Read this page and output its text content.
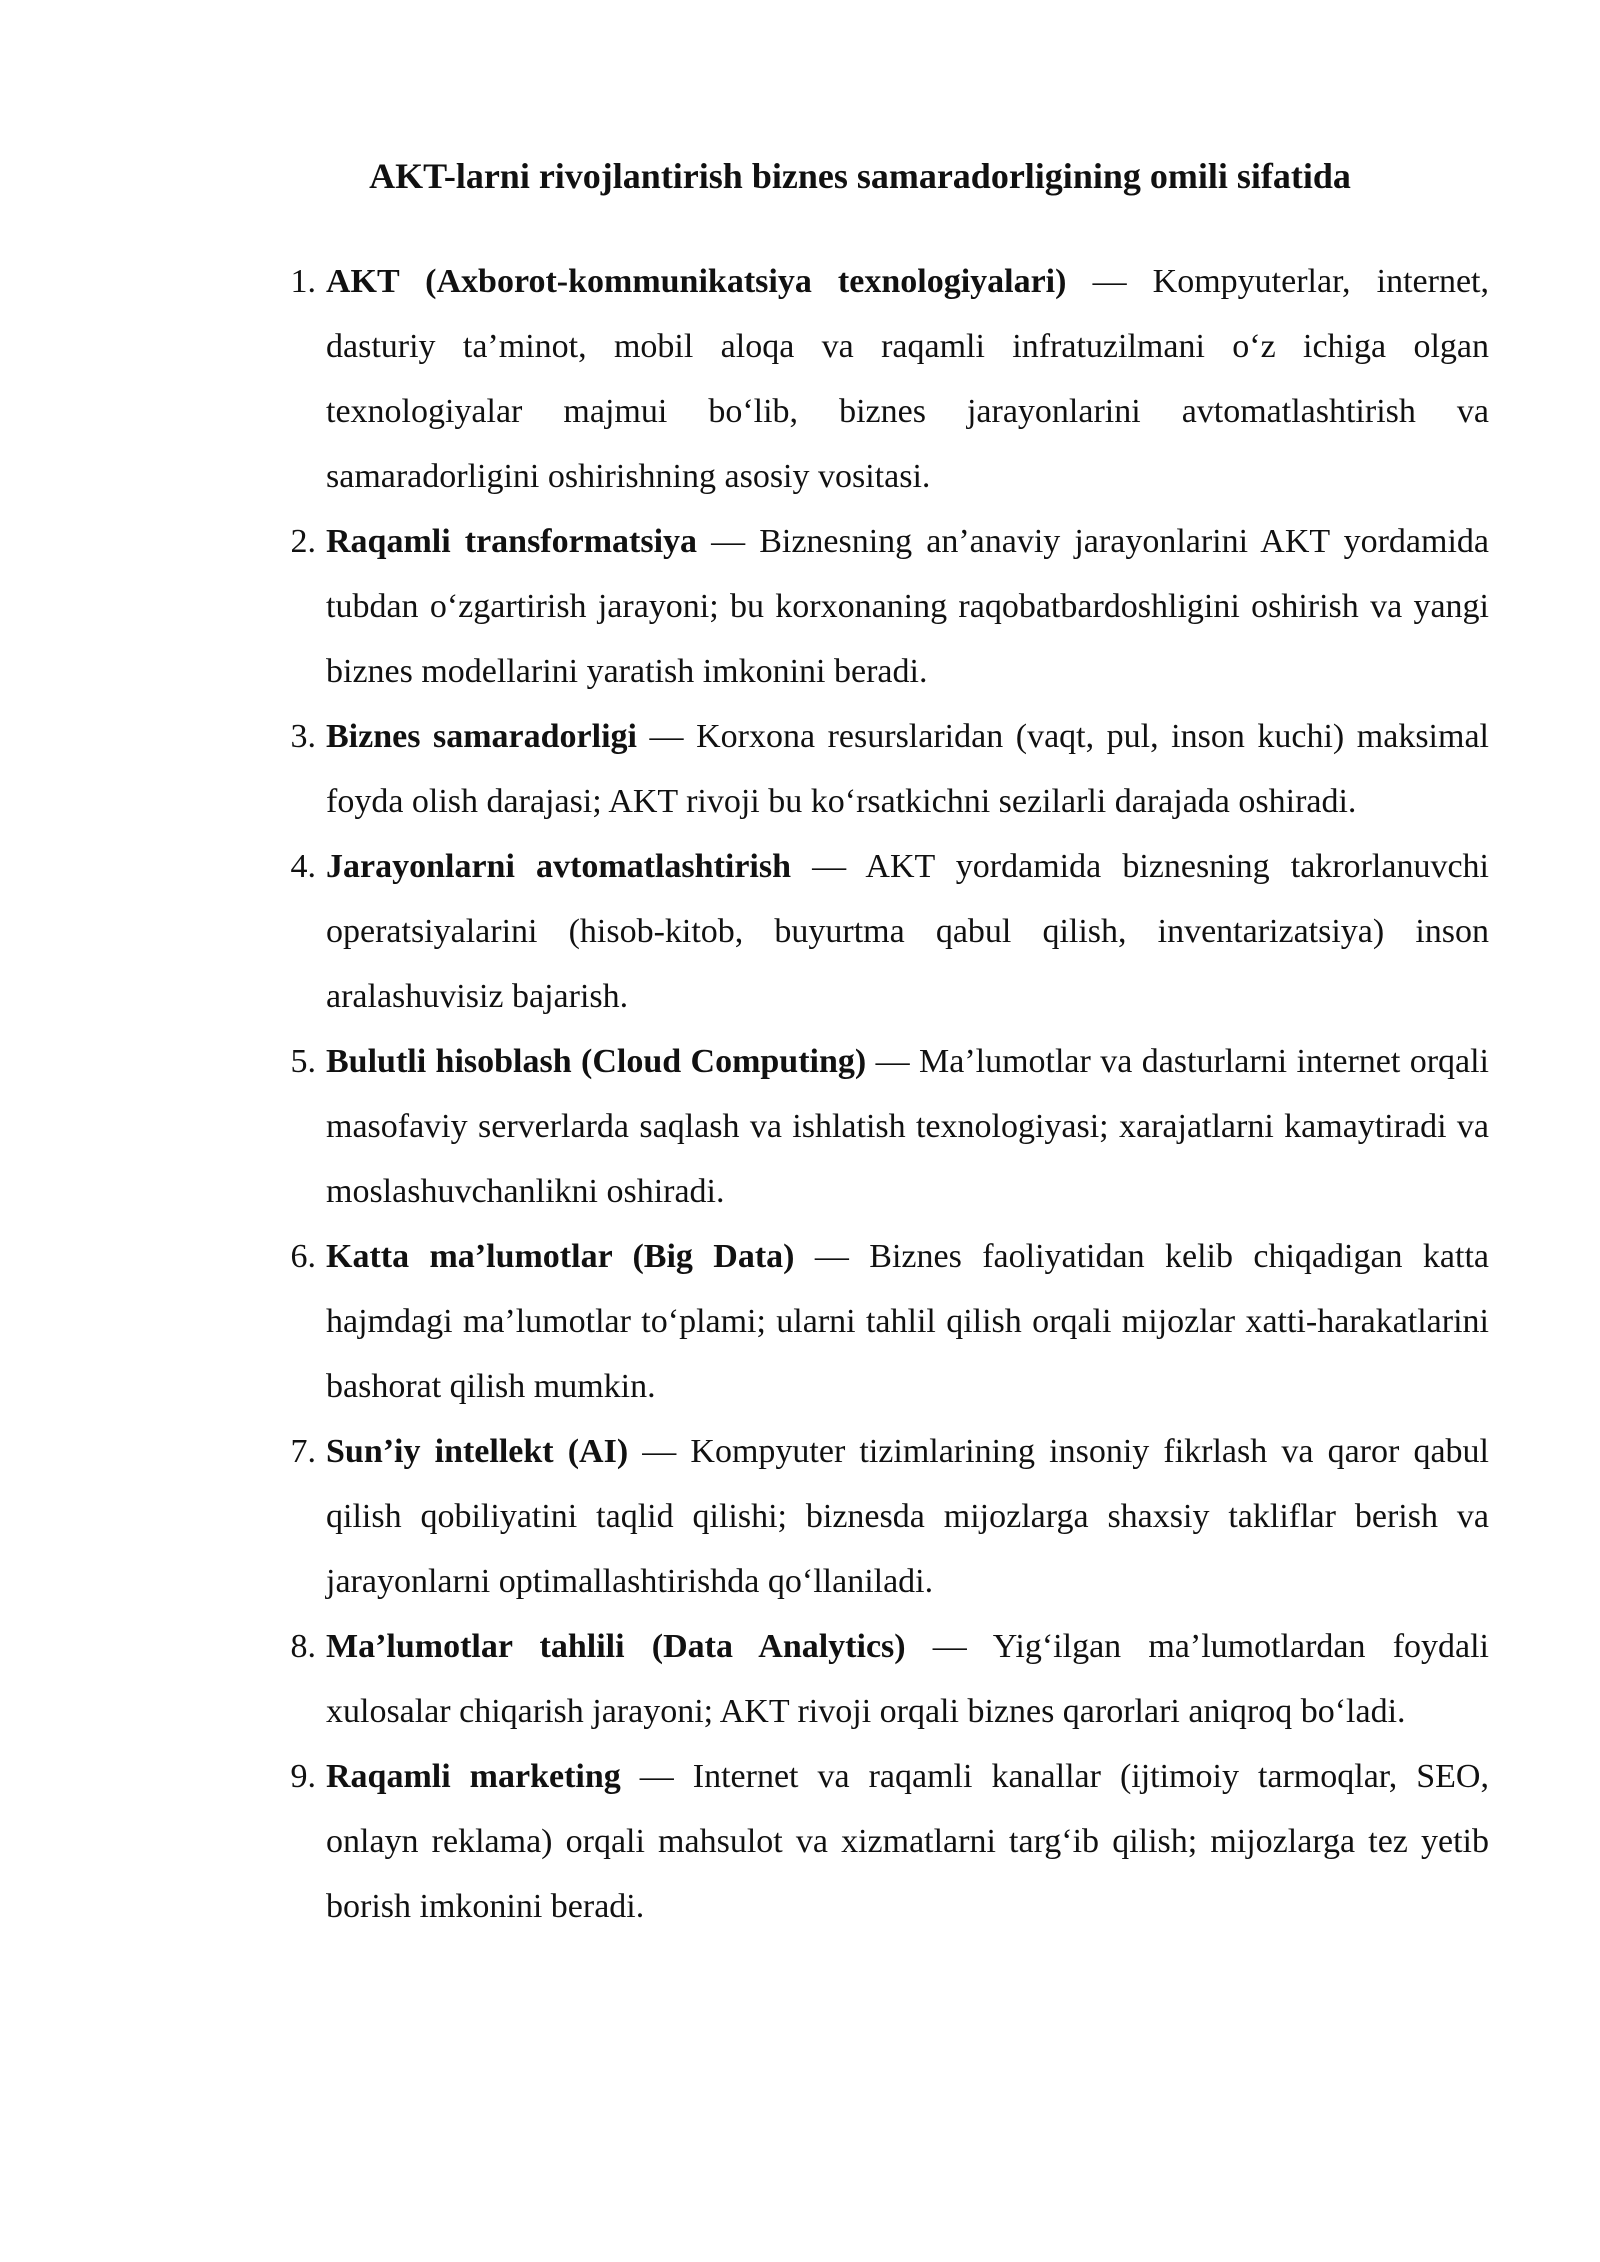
AKT-larni rivojlantirish biznes samaradorligining omili sifatida
1. AKT (Axborot-kommunikatsiya texnologiyalari) — Kompyuterlar, internet, dasturiy ta’minot, mobil aloqa va raqamli infratuzilmani o‘z ichiga olgan texnologiyalar majmui bo‘lib, biznes jarayonlarini avtomatlashtirish va samaradorligini oshirishning asosiy vositasi.
2. Raqamli transformatsiya — Biznesning an’anaviy jarayonlarini AKT yordamida tubdan o‘zgartirish jarayoni; bu korxonaning raqobatbardoshligini oshirish va yangi biznes modellarini yaratish imkonini beradi.
3. Biznes samaradorligi — Korxona resurslaridan (vaqt, pul, inson kuchi) maksimal foyda olish darajasi; AKT rivoji bu ko‘rsatkichni sezilarli darajada oshiradi.
4. Jarayonlarni avtomatlashtirish — AKT yordamida biznesning takrorlanuvchi operatsiyalarini (hisob-kitob, buyurtma qabul qilish, inventarizatsiya) inson aralashuvisiz bajarish.
5. Bulutli hisoblash (Cloud Computing) — Ma’lumotlar va dasturlarni internet orqali masofaviy serverlarda saqlash va ishlatish texnologiyasi; xarajatlarni kamaytiradi va moslashuvchanlikni oshiradi.
6. Katta ma’lumotlar (Big Data) — Biznes faoliyatidan kelib chiqadigan katta hajmdagi ma’lumotlar to‘plami; ularni tahlil qilish orqali mijozlar xatti-harakatlarini bashorat qilish mumkin.
7. Sun’iy intellekt (AI) — Kompyuter tizimlarining insoniy fikrlash va qaror qabul qilish qobiliyatini taqlid qilishi; biznesda mijozlarga shaxsiy takliflar berish va jarayonlarni optimallashtirishda qo‘llaniladi.
8. Ma’lumotlar tahlili (Data Analytics) — Yig‘ilgan ma’lumotlardan foydali xulosalar chiqarish jarayoni; AKT rivoji orqali biznes qarorlari aniqroq bo‘ladi.
9. Raqamli marketing — Internet va raqamli kanallar (ijtimoiy tarmoqlar, SEO, onlayn reklama) orqali mahsulot va xizmatlarni targ‘ib qilish; mijozlarga tez yetib borish imkonini beradi.
